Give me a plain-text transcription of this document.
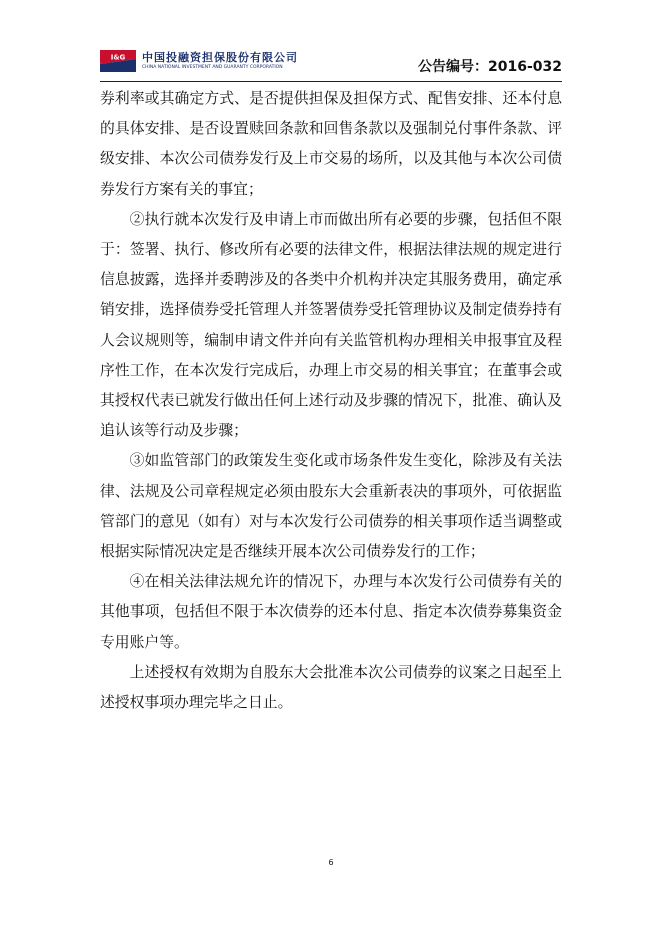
I&G 中国投融资担保股份有限公司
CHINA NATIONAL INVESTMENT AND GUARANTY CORPORATION	公告编号：2016-032

券利率或其确定方式、是否提供担保及担保方式、配售安排、还本付息的具体安排、是否设置赎回条款和回售条款以及强制兑付事件条款、评级安排、本次公司债券发行及上市交易的场所，以及其他与本次公司债券发行方案有关的事宜；

②执行就本次发行及申请上市而做出所有必要的步骤，包括但不限于：签署、执行、修改所有必要的法律文件，根据法律法规的规定进行信息披露，选择并委聘涉及的各类中介机构并决定其服务费用，确定承销安排，选择债券受托管理人并签署债券受托管理协议及制定债券持有人会议规则等，编制申请文件并向有关监管机构办理相关申报事宜及程序性工作，在本次发行完成后，办理上市交易的相关事宜；在董事会或其授权代表已就发行做出任何上述行动及步骤的情况下，批准、确认及追认该等行动及步骤；

③如监管部门的政策发生变化或市场条件发生变化，除涉及有关法律、法规及公司章程规定必须由股东大会重新表决的事项外，可依据监管部门的意见（如有）对与本次发行公司债券的相关事项作适当调整或根据实际情况决定是否继续开展本次公司债券发行的工作；

④在相关法律法规允许的情况下，办理与本次发行公司债券有关的其他事项，包括但不限于本次债券的还本付息、指定本次债券募集资金专用账户等。

上述授权有效期为自股东大会批准本次公司债券的议案之日起至上述授权事项办理完毕之日止。

6
